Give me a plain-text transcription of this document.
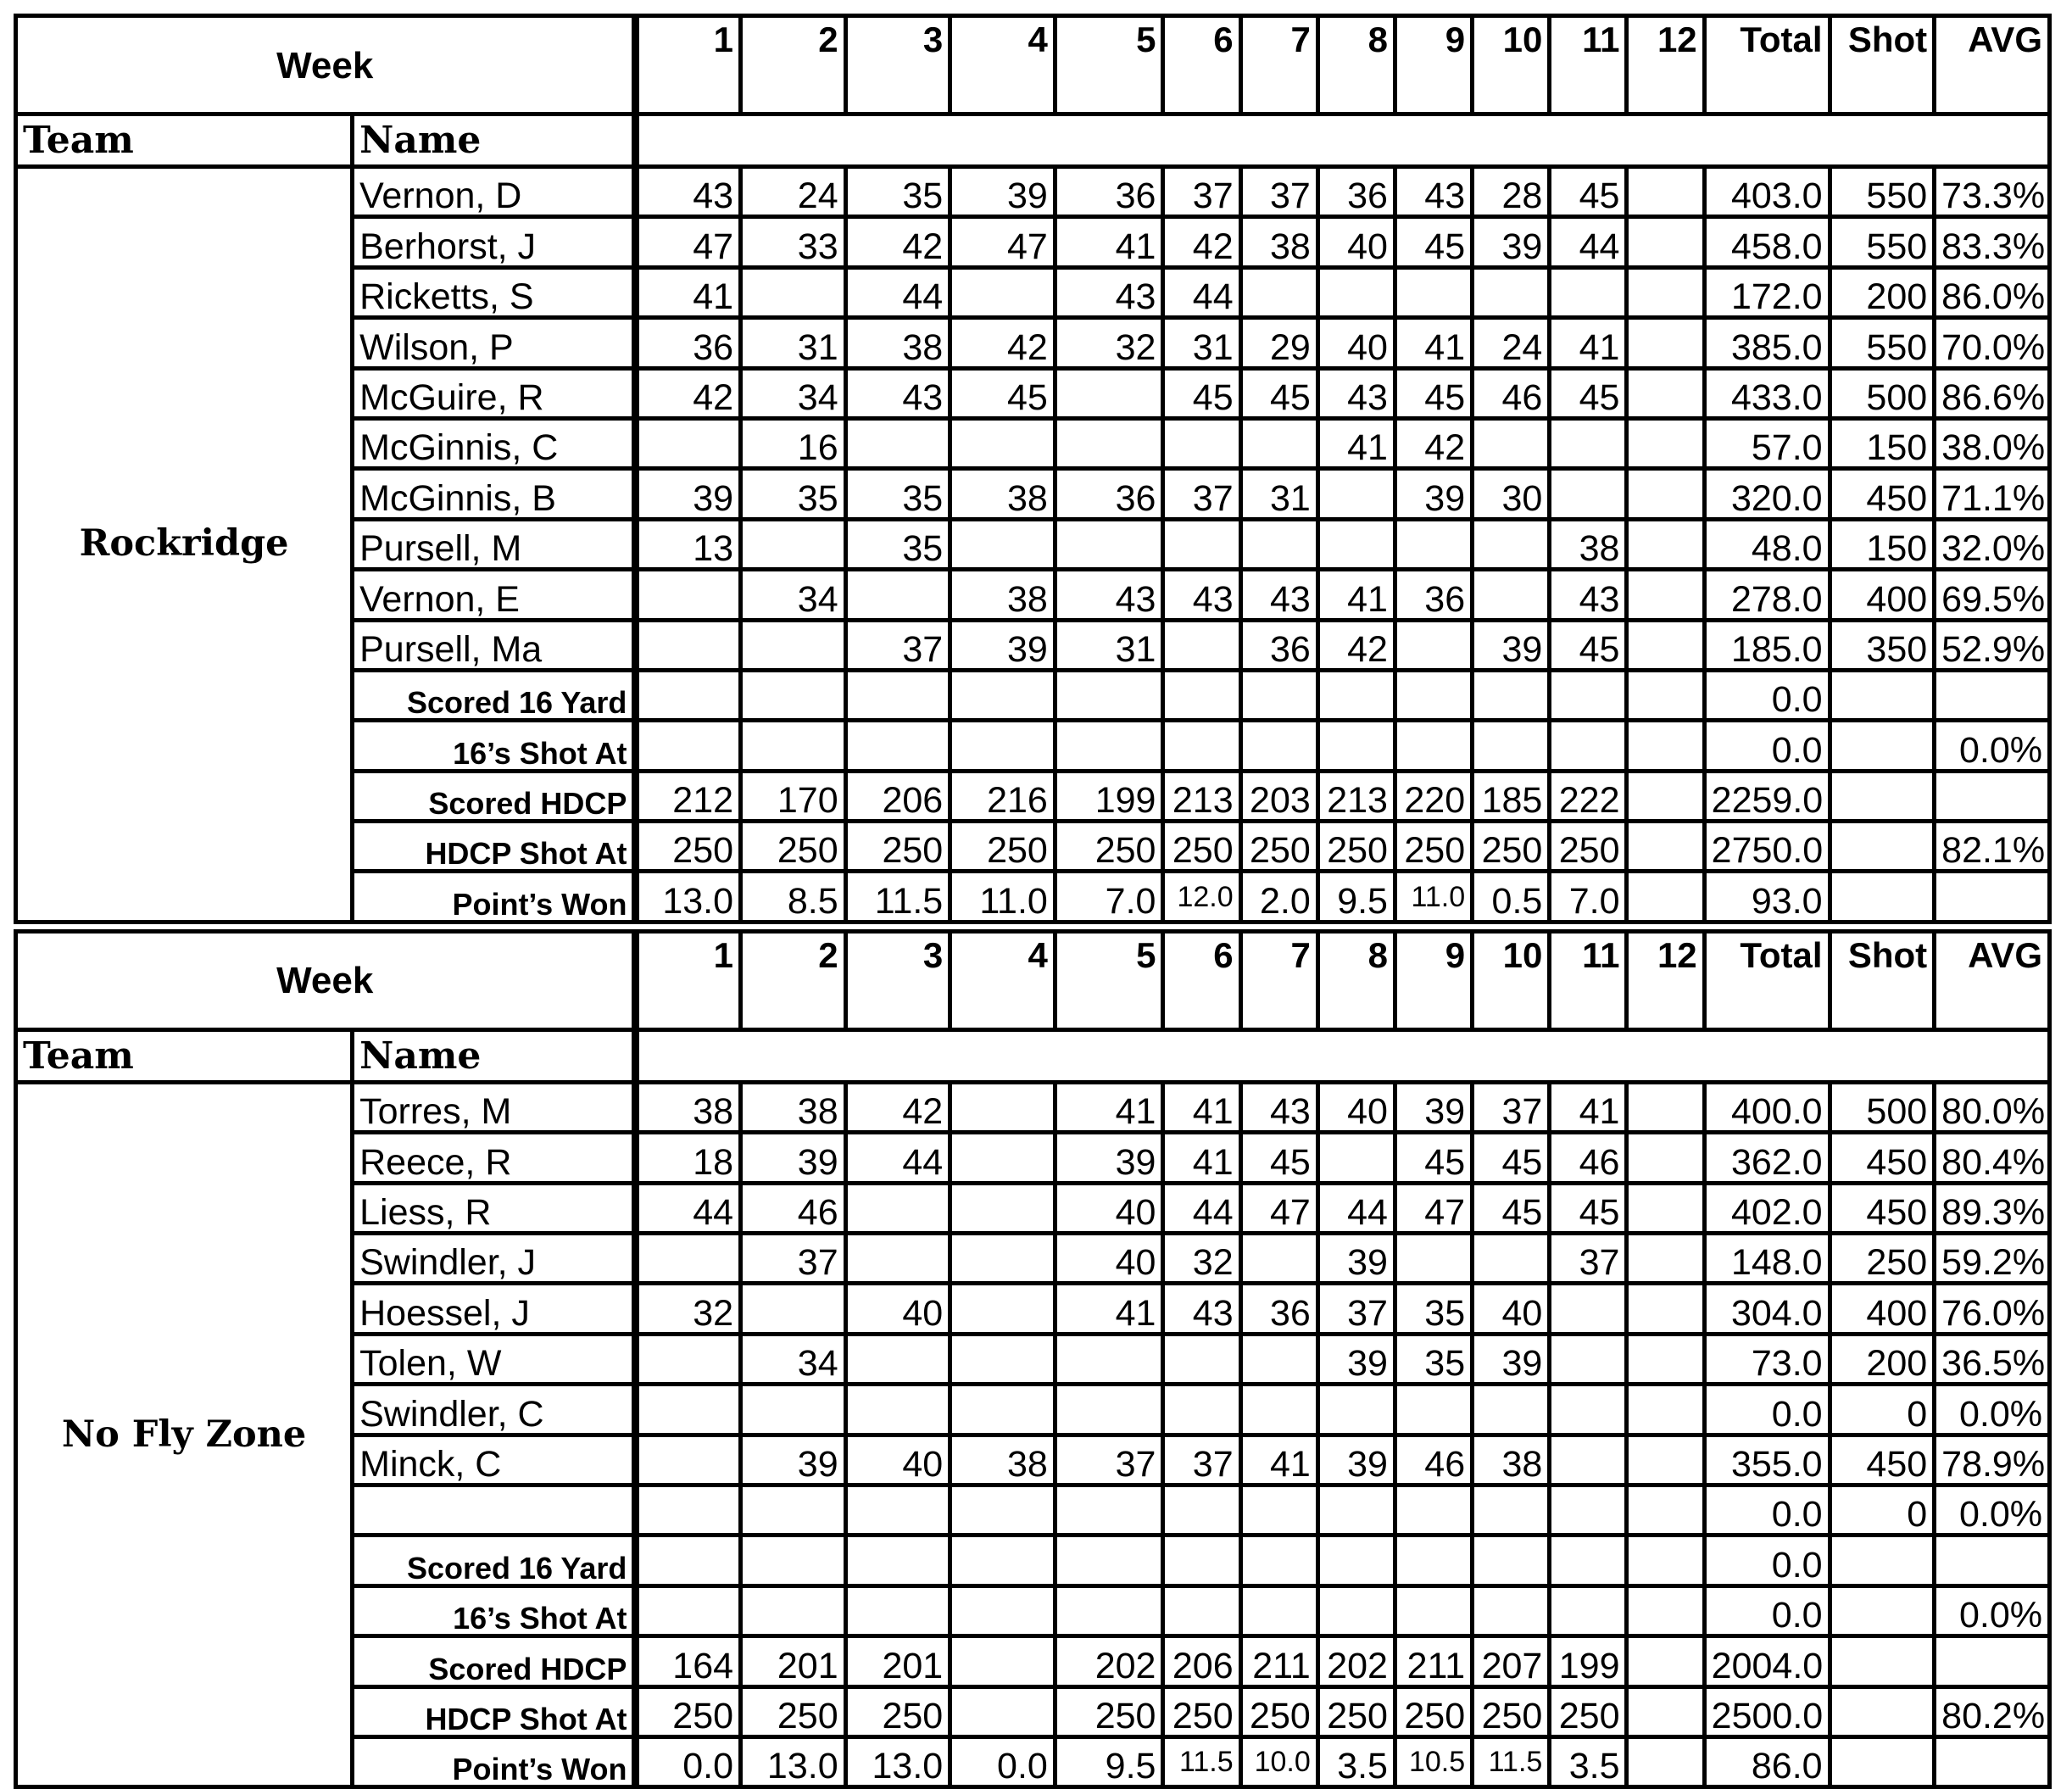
Week		1	2	3	4	5	6	7	8	9	10	11	12	Total	Shot	AVG
Team	Name															
Rockridge	Vernon, D	43	24	35	39	36	37	37	36	43	28	45		403.0	550	73.3%
	Berhorst, J	47	33	42	47	41	42	38	40	45	39	44		458.0	550	83.3%
	Ricketts, S	41		44		43	44							172.0	200	86.0%
	Wilson, P	36	31	38	42	32	31	29	40	41	24	41		385.0	550	70.0%
	McGuire, R	42	34	43	45		45	45	43	45	46	45		433.0	500	86.6%
	McGinnis, C		16						41	42				57.0	150	38.0%
	McGinnis, B	39	35	35	38	36	37	31		39	30			320.0	450	71.1%
	Pursell, M	13		35								38		48.0	150	32.0%
	Vernon, E		34		38	43	43	43	41	36		43		278.0	400	69.5%
	Pursell, Ma			37	39	31		36	42		39	45		185.0	350	52.9%
	Scored 16 Yard													0.0		
	16’s Shot At													0.0		0.0%
	Scored HDCP	212	170	206	216	199	213	203	213	220	185	222		2259.0		
	HDCP Shot At	250	250	250	250	250	250	250	250	250	250	250		2750.0		82.1%
	Point’s Won	13.0	8.5	11.5	11.0	7.0	12.0	2.0	9.5	11.0	0.5	7.0		93.0		
Week		1	2	3	4	5	6	7	8	9	10	11	12	Total	Shot	AVG
Team	Name															
No Fly Zone	Torres, M	38	38	42		41	41	43	40	39	37	41		400.0	500	80.0%
	Reece, R	18	39	44		39	41	45		45	45	46		362.0	450	80.4%
	Liess, R	44	46			40	44	47	44	47	45	45		402.0	450	89.3%
	Swindler, J		37			40	32		39			37		148.0	250	59.2%
	Hoessel, J	32		40		41	43	36	37	35	40			304.0	400	76.0%
	Tolen, W		34						39	35	39			73.0	200	36.5%
	Swindler, C													0.0	0	0.0%
	Minck, C		39	40	38	37	37	41	39	46	38			355.0	450	78.9%
														0.0	0	0.0%
	Scored 16 Yard													0.0		
	16’s Shot At													0.0		0.0%
	Scored HDCP	164	201	201		202	206	211	202	211	207	199		2004.0		
	HDCP Shot At	250	250	250		250	250	250	250	250	250	250		2500.0		80.2%
	Point’s Won	0.0	13.0	13.0	0.0	9.5	11.5	10.0	3.5	10.5	11.5	3.5		86.0		
